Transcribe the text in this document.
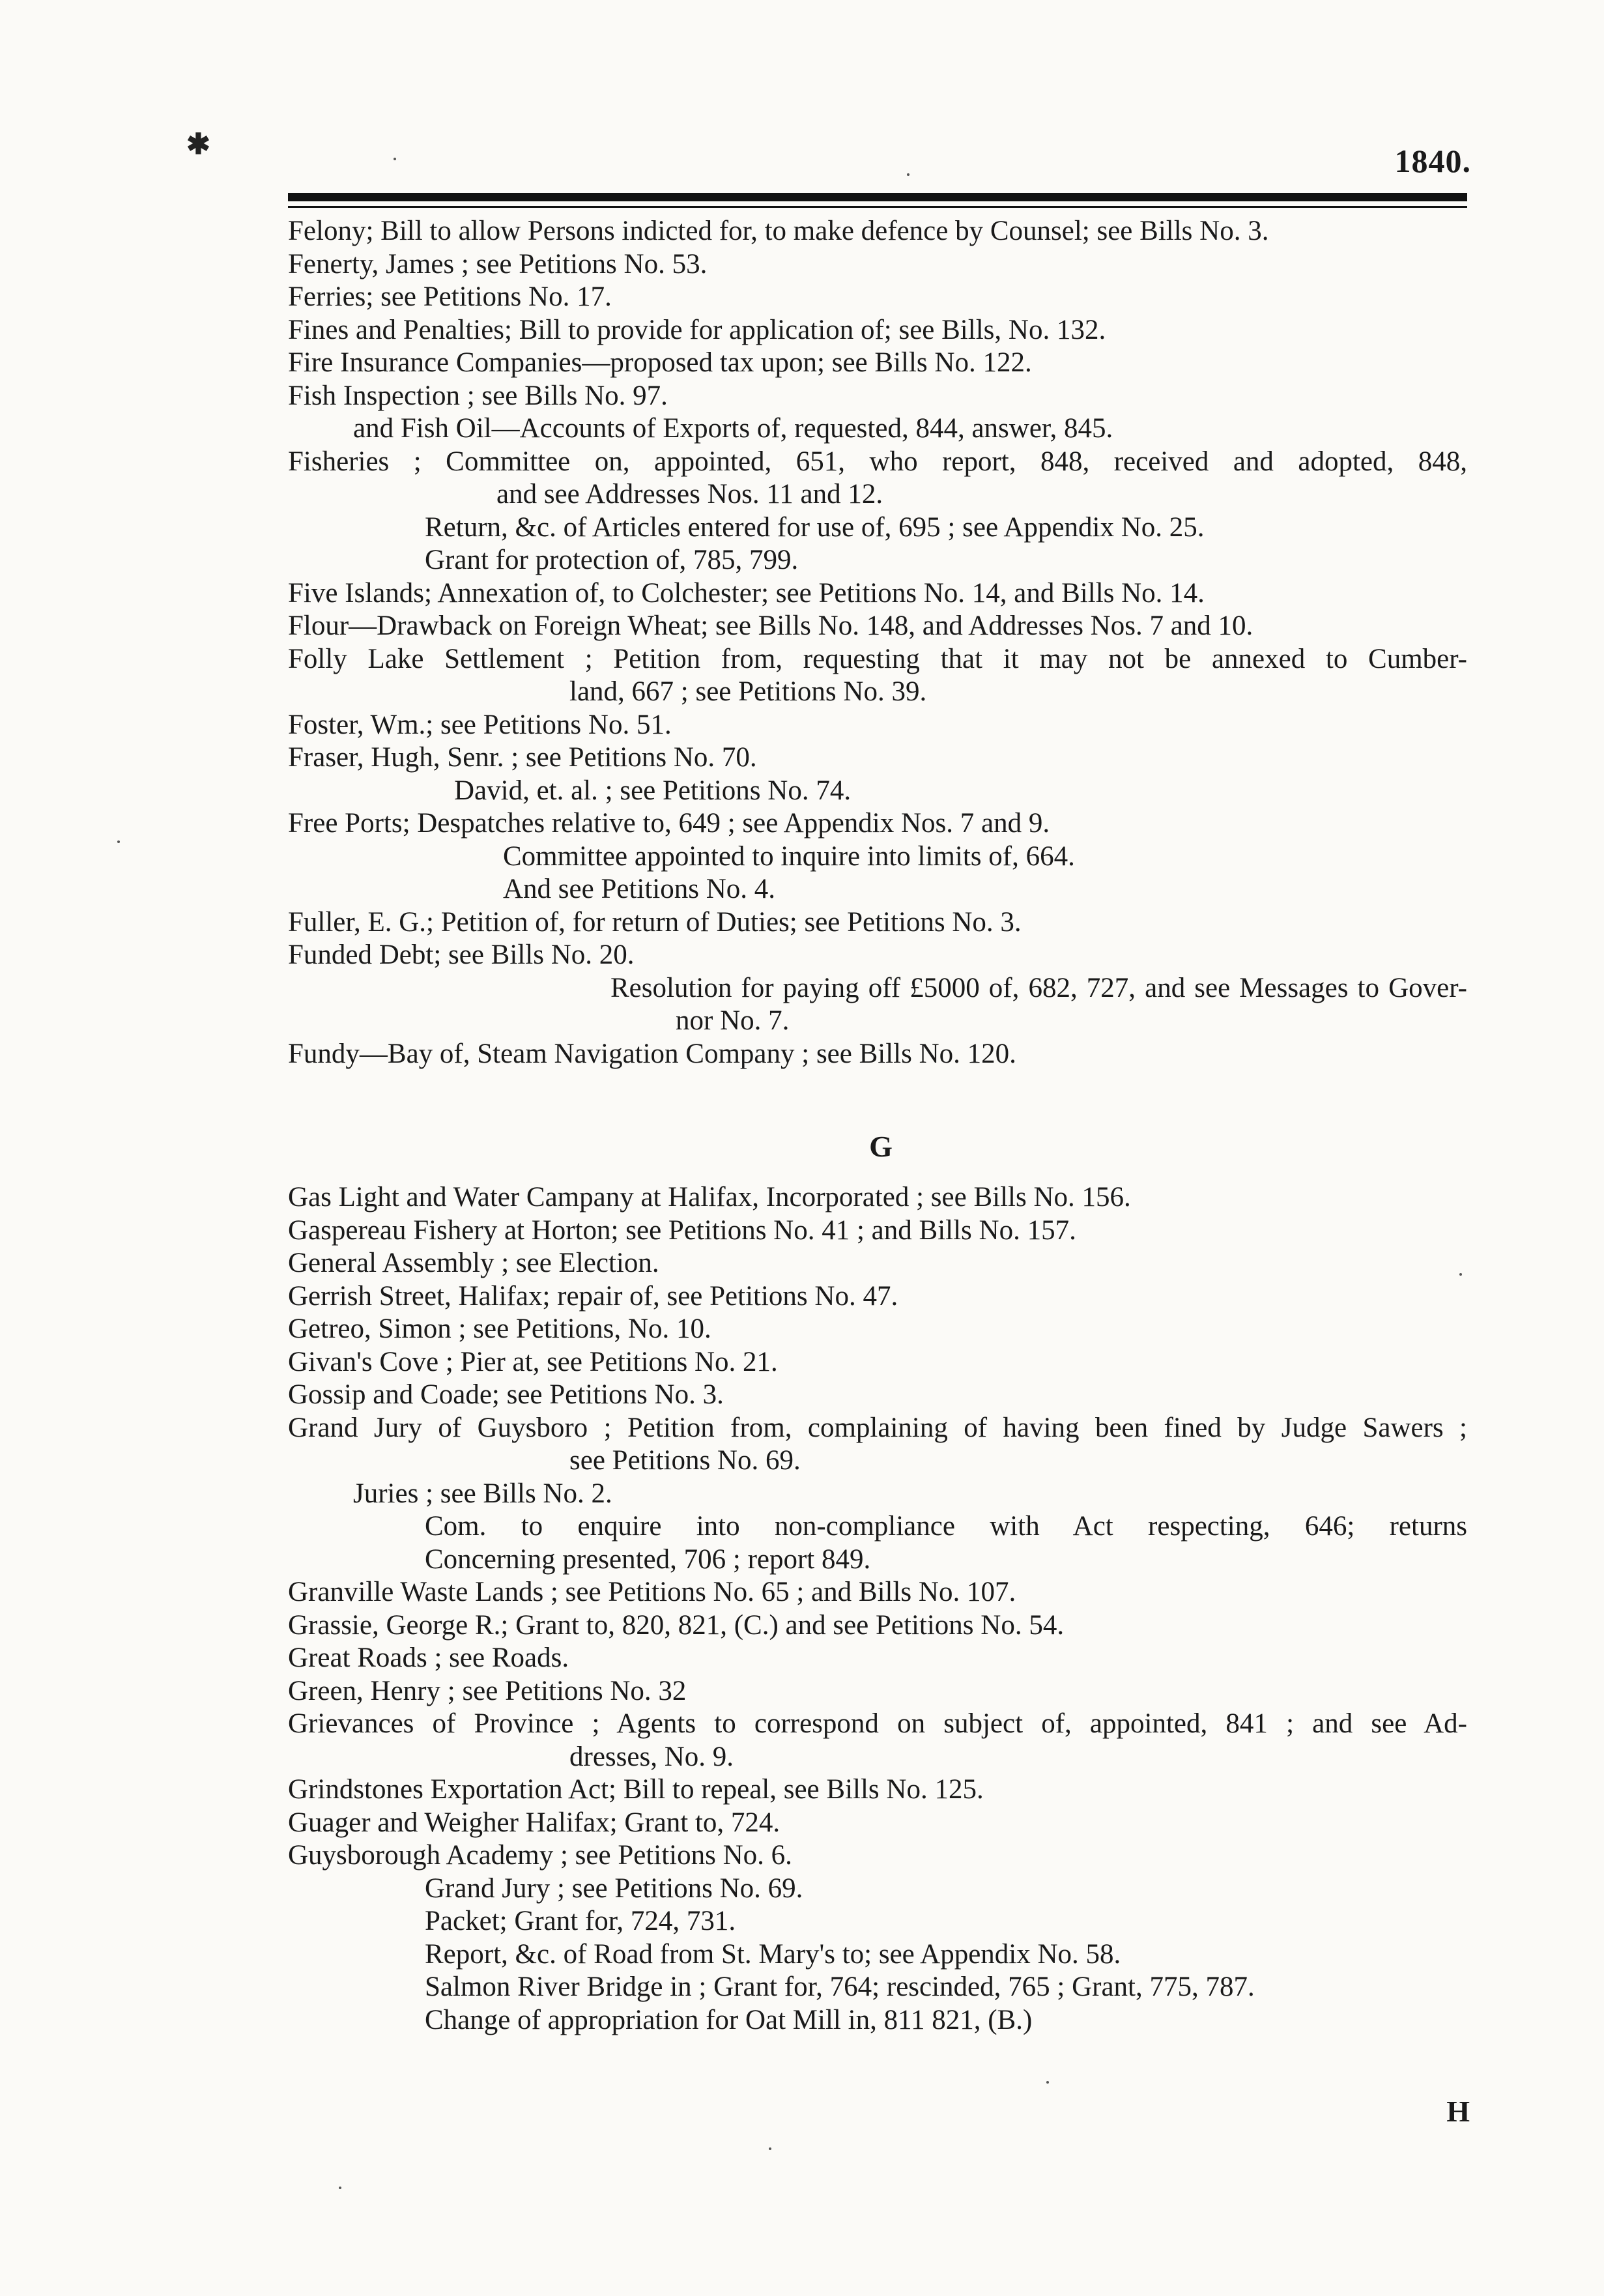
✱	1840.
Felony; Bill to allow Persons indicted for, to make defence by Counsel; see Bills No. 3.
Fenerty, James ; see Petitions No. 53.
Ferries; see Petitions No. 17.
Fines and Penalties; Bill to provide for application of; see Bills, No. 132.
Fire Insurance Companies—proposed tax upon; see Bills No. 122.
Fish Inspection ; see Bills No. 97.
and Fish Oil—Accounts of Exports of, requested, 844, answer, 845.
Fisheries ; Committee on, appointed, 651, who report, 848, received and adopted, 848,
and see Addresses Nos. 11 and 12.
Return, &c. of Articles entered for use of, 695 ; see Appendix No. 25.
Grant for protection of, 785, 799.
Five Islands; Annexation of, to Colchester; see Petitions No. 14, and Bills No. 14.
Flour—Drawback on Foreign Wheat; see Bills No. 148, and Addresses Nos. 7 and 10.
Folly Lake Settlement ; Petition from, requesting that it may not be annexed to Cumber-
land, 667 ; see Petitions No. 39.
Foster, Wm.; see Petitions No. 51.
Fraser, Hugh, Senr. ; see Petitions No. 70.
David, et. al. ; see Petitions No. 74.
Free Ports; Despatches relative to, 649 ; see Appendix Nos. 7 and 9.
Committee appointed to inquire into limits of, 664.
And see Petitions No. 4.
Fuller, E. G.; Petition of, for return of Duties; see Petitions No. 3.
Funded Debt; see Bills No. 20.
Resolution for paying off £5000 of, 682, 727, and see Messages to Gover-
nor No. 7.
Fundy—Bay of, Steam Navigation Company ; see Bills No. 120.
G
Gas Light and Water Campany at Halifax, Incorporated ; see Bills No. 156.
Gaspereau Fishery at Horton; see Petitions No. 41 ; and Bills No. 157.
General Assembly ; see Election.
Gerrish Street, Halifax; repair of, see Petitions No. 47.
Getreo, Simon ; see Petitions, No. 10.
Givan's Cove ; Pier at, see Petitions No. 21.
Gossip and Coade; see Petitions No. 3.
Grand Jury of Guysboro ; Petition from, complaining of having been fined by Judge Sawers ;
see Petitions No. 69.
Juries ; see Bills No. 2.
Com. to enquire into non-compliance with Act respecting, 646; returns
Concerning presented, 706 ; report 849.
Granville Waste Lands ; see Petitions No. 65 ; and Bills No. 107.
Grassie, George R.; Grant to, 820, 821, (C.) and see Petitions No. 54.
Great Roads ; see Roads.
Green, Henry ; see Petitions No. 32
Grievances of Province ; Agents to correspond on subject of, appointed, 841 ; and see Ad-
dresses, No. 9.
Grindstones Exportation Act; Bill to repeal, see Bills No. 125.
Guager and Weigher Halifax; Grant to, 724.
Guysborough Academy ; see Petitions No. 6.
Grand Jury ; see Petitions No. 69.
Packet; Grant for, 724, 731.
Report, &c. of Road from St. Mary's to; see Appendix No. 58.
Salmon River Bridge in ; Grant for, 764; rescinded, 765 ; Grant, 775, 787.
Change of appropriation for Oat Mill in, 811 821, (B.)
H
